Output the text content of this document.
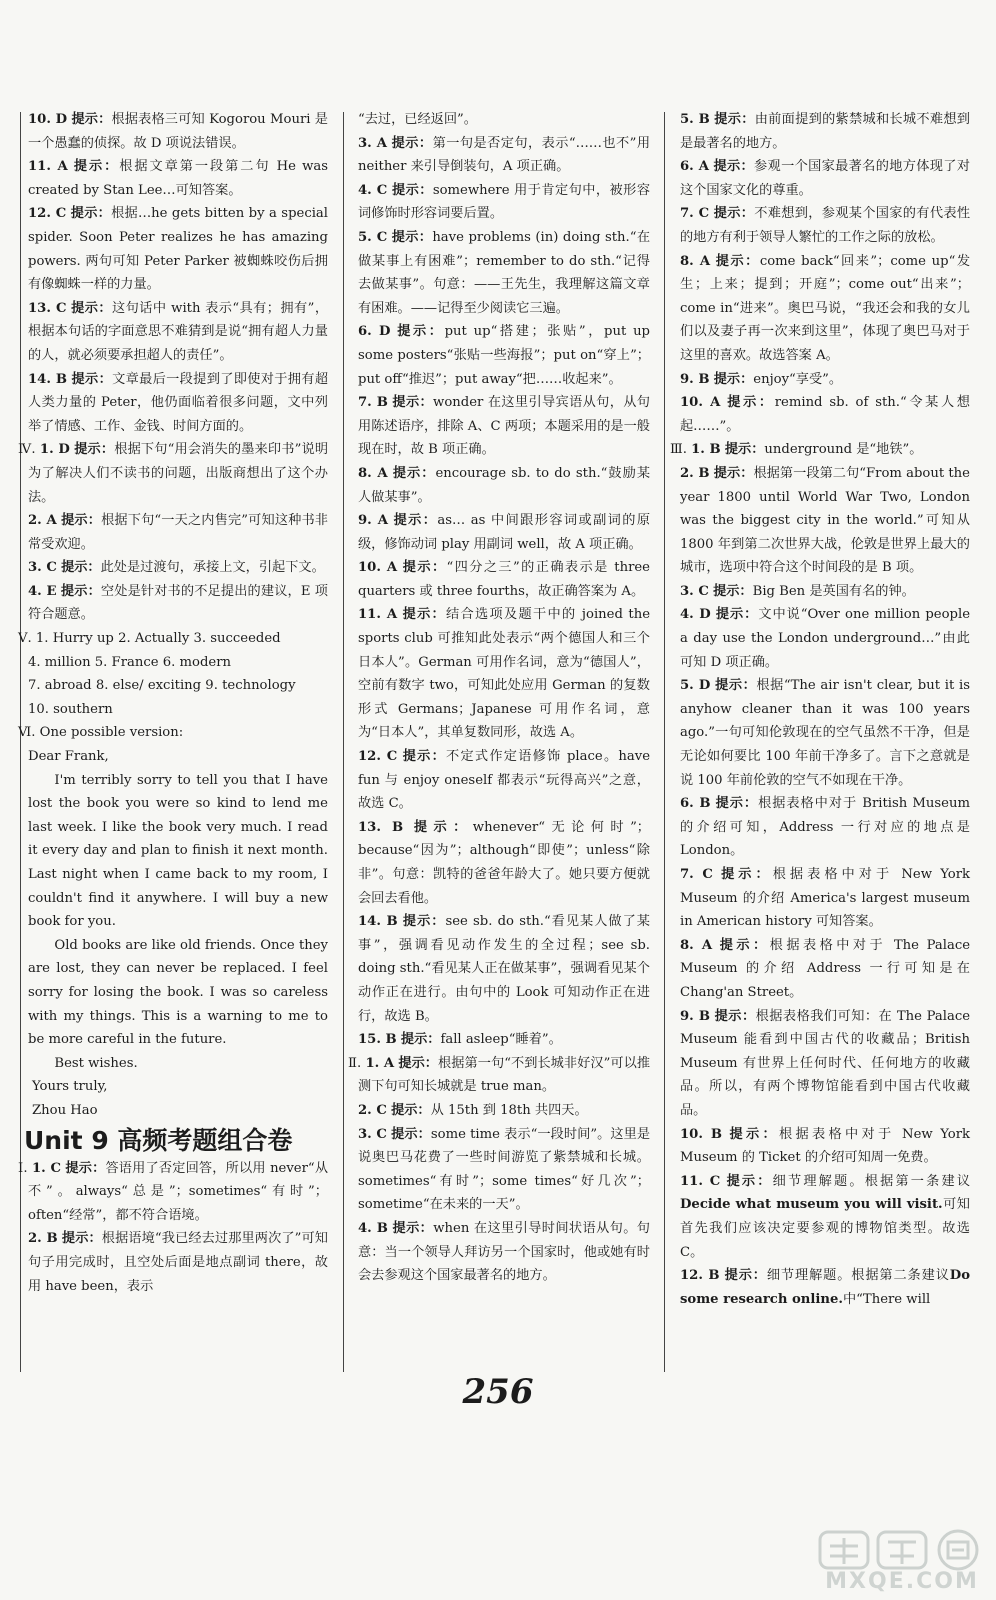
10. D 提示：根据表格三可知 Kogorou Mouri 是一个愚蠢的侦探。故 D 项说法错误。

11. A 提示：根据文章第一段第二句 He was created by Stan Lee…可知答案。

12. C 提示：根据…he gets bitten by a special spider. Soon Peter realizes he has amazing powers. 两句可知 Peter Parker 被蜘蛛咬伤后拥有像蜘蛛一样的力量。

13. C 提示：这句话中 with 表示“具有；拥有”，根据本句话的字面意思不难猜到是说“拥有超人力量的人，就必须要承担超人的责任”。

14. B 提示：文章最后一段提到了即使对于拥有超人类力量的 Peter，他仍面临着很多问题，文中列举了情感、工作、金钱、时间方面的。

Ⅳ. 1. D 提示：根据下句“用会消失的墨来印书”说明为了解决人们不读书的问题，出版商想出了这个办法。

2. A 提示：根据下句“一天之内售完”可知这种书非常受欢迎。

3. C 提示：此处是过渡句，承接上文，引起下文。

4. E 提示：空处是针对书的不足提出的建议，E 项符合题意。

Ⅴ. 1. Hurry up 2. Actually 3. succeeded

4. million 5. France 6. modern

7. abroad 8. else/ exciting 9. technology

10. southern

Ⅵ. One possible version:

Dear Frank,

I'm terribly sorry to tell you that I have lost the book you were so kind to lend me last week. I like the book very much. I read it every day and plan to finish it next month. Last night when I came back to my room, I couldn't find it anywhere. I will buy a new book for you.

Old books are like old friends. Once they are lost, they can never be replaced. I feel sorry for losing the book. I was so careless with my things. This is a warning to me to be more careful in the future.

Best wishes.

Yours truly,

Zhou Hao

Unit 9 高频考题组合卷

Ⅰ. 1. C 提示：答语用了否定回答，所以用 never“从不”。always“总是”；sometimes“有时”；often“经常”，都不符合语境。

2. B 提示：根据语境“我已经去过那里两次了”可知句子用完成时，且空处后面是地点副词 there，故用 have been，表示

“去过，已经返回”。

3. A 提示：第一句是否定句，表示“……也不”用 neither 来引导倒装句，A 项正确。

4. C 提示：somewhere 用于肯定句中，被形容词修饰时形容词要后置。

5. C 提示：have problems (in) doing sth.“在做某事上有困难”；remember to do sth.“记得去做某事”。句意：——王先生，我理解这篇文章有困难。——记得至少阅读它三遍。

6. D 提示：put up“搭建；张贴”，put up some posters“张贴一些海报”；put on“穿上”；put off“推迟”；put away“把……收起来”。

7. B 提示：wonder 在这里引导宾语从句，从句用陈述语序，排除 A、C 两项；本题采用的是一般现在时，故 B 项正确。

8. A 提示：encourage sb. to do sth.“鼓励某人做某事”。

9. A 提示：as… as 中间跟形容词或副词的原级，修饰动词 play 用副词 well，故 A 项正确。

10. A 提示：“四分之三”的正确表示是 three quarters 或 three fourths，故正确答案为 A。

11. A 提示：结合选项及题干中的 joined the sports club 可推知此处表示“两个德国人和三个日本人”。German 可用作名词，意为“德国人”，空前有数字 two，可知此处应用 German 的复数形式 Germans；Japanese 可用作名词，意为“日本人”，其单复数同形，故选 A。

12. C 提示：不定式作定语修饰 place。have fun 与 enjoy oneself 都表示“玩得高兴”之意，故选 C。

13. B 提示：whenever“无论何时”；because“因为”；although“即使”；unless“除非”。句意：凯特的爸爸年龄大了。她只要方便就会回去看他。

14. B 提示：see sb. do sth.“看见某人做了某事”，强调看见动作发生的全过程；see sb. doing sth.“看见某人正在做某事”，强调看见某个动作正在进行。由句中的 Look 可知动作正在进行，故选 B。

15. B 提示：fall asleep“睡着”。

Ⅱ. 1. A 提示：根据第一句“不到长城非好汉”可以推测下句可知长城就是 true man。

2. C 提示：从 15th 到 18th 共四天。

3. C 提示：some time 表示“一段时间”。这里是说奥巴马花费了一些时间游览了紫禁城和长城。sometimes“有时”；some times“好几次”；sometime“在未来的一天”。

4. B 提示：when 在这里引导时间状语从句。句意：当一个领导人拜访另一个国家时，他或她有时会去参观这个国家最著名的地方。

5. B 提示：由前面提到的紫禁城和长城不难想到是最著名的地方。

6. A 提示：参观一个国家最著名的地方体现了对这个国家文化的尊重。

7. C 提示：不难想到，参观某个国家的有代表性的地方有利于领导人繁忙的工作之际的放松。

8. A 提示：come back“回来”；come up“发生；上来；提到；开庭”；come out“出来”；come in“进来”。奥巴马说，“我还会和我的女儿们以及妻子再一次来到这里”，体现了奥巴马对于这里的喜欢。故选答案 A。

9. B 提示：enjoy“享受”。

10. A 提示：remind sb. of sth.“令某人想起……”。

Ⅲ. 1. B 提示：underground 是“地铁”。

2. B 提示：根据第一段第二句“From about the year 1800 until World War Two, London was the biggest city in the world.”可知从 1800 年到第二次世界大战，伦敦是世界上最大的城市，选项中符合这个时间段的是 B 项。

3. C 提示：Big Ben 是英国有名的钟。

4. D 提示：文中说“Over one million people a day use the London underground…”由此可知 D 项正确。

5. D 提示：根据“The air isn't clear, but it is anyhow cleaner than it was 100 years ago.”一句可知伦敦现在的空气虽然不干净，但是无论如何要比 100 年前干净多了。言下之意就是说 100 年前伦敦的空气不如现在干净。

6. B 提示：根据表格中对于 British Museum 的介绍可知，Address 一行对应的地点是 London。

7. C 提示：根据表格中对于 New York Museum 的介绍 America's largest museum in American history 可知答案。

8. A 提示：根据表格中对于 The Palace Museum 的介绍 Address 一行可知是在 Chang'an Street。

9. B 提示：根据表格我们可知：在 The Palace Museum 能看到中国古代的收藏品；British Museum 有世界上任何时代、任何地方的收藏品。所以，有两个博物馆能看到中国古代收藏品。

10. B 提示：根据表格中对于 New York Museum 的 Ticket 的介绍可知周一免费。

11. C 提示：细节理解题。根据第一条建议Decide what museum you will visit.可知首先我们应该决定要参观的博物馆类型。故选 C。

12. B 提示：细节理解题。根据第二条建议Do some research online.中“There will

256
MXQE.COM
